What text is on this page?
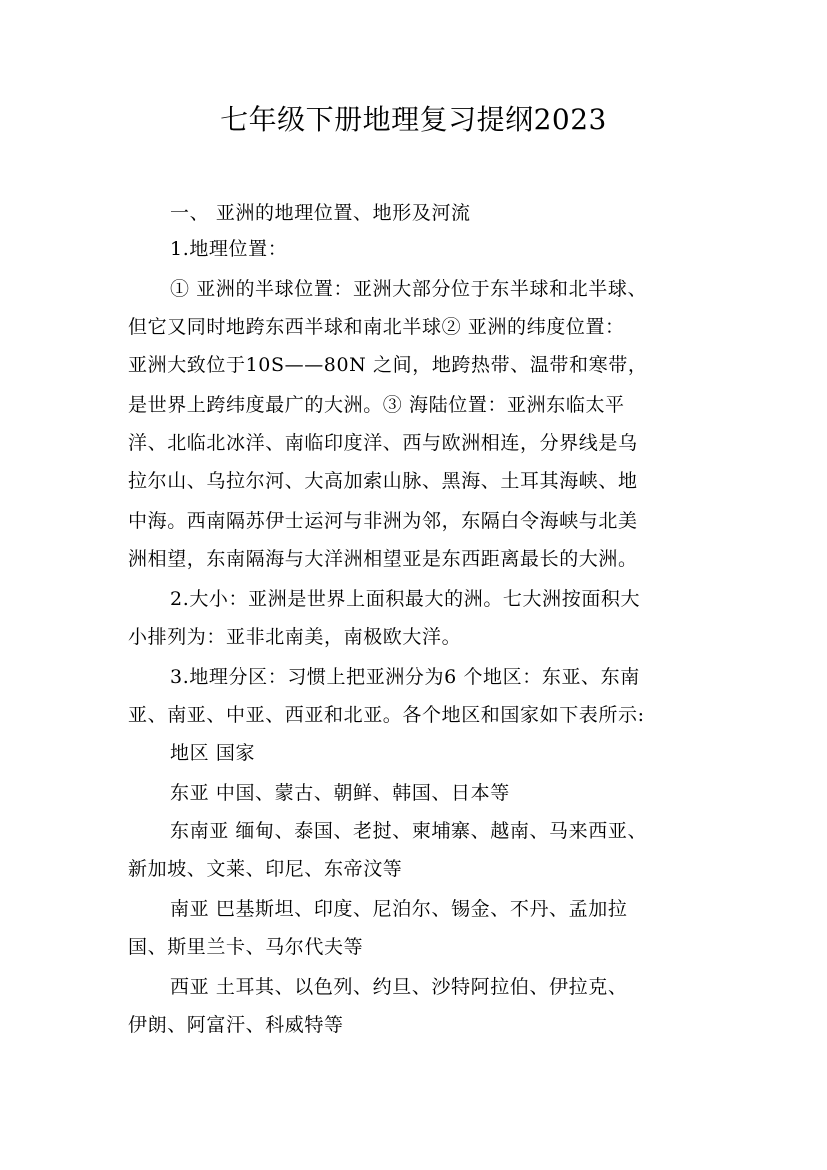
七年级下册地理复习提纲2023
一、 亚洲的地理位置、地形及河流
1.地理位置：
① 亚洲的半球位置：亚洲大部分位于东半球和北半球、
但它又同时地跨东西半球和南北半球② 亚洲的纬度位置：
亚洲大致位于10S——80N 之间，地跨热带、温带和寒带，
是世界上跨纬度最广的大洲。③ 海陆位置：亚洲东临太平
洋、北临北冰洋、南临印度洋、西与欧洲相连，分界线是乌
拉尔山、乌拉尔河、大高加索山脉、黑海、土耳其海峡、地
中海。西南隔苏伊士运河与非洲为邻，东隔白令海峡与北美
洲相望，东南隔海与大洋洲相望亚是东西距离最长的大洲。
2.大小：亚洲是世界上面积最大的洲。七大洲按面积大
小排列为：亚非北南美，南极欧大洋。
3.地理分区：习惯上把亚洲分为6 个地区：东亚、东南
亚、南亚、中亚、西亚和北亚。各个地区和国家如下表所示:
地区 国家
东亚 中国、蒙古、朝鲜、韩国、日本等
东南亚 缅甸、泰国、老挝、柬埔寨、越南、马来西亚、
新加坡、文莱、印尼、东帝汶等
南亚 巴基斯坦、印度、尼泊尔、锡金、不丹、孟加拉
国、斯里兰卡、马尔代夫等
西亚 土耳其、以色列、约旦、沙特阿拉伯、伊拉克、
伊朗、阿富汗、科威特等
